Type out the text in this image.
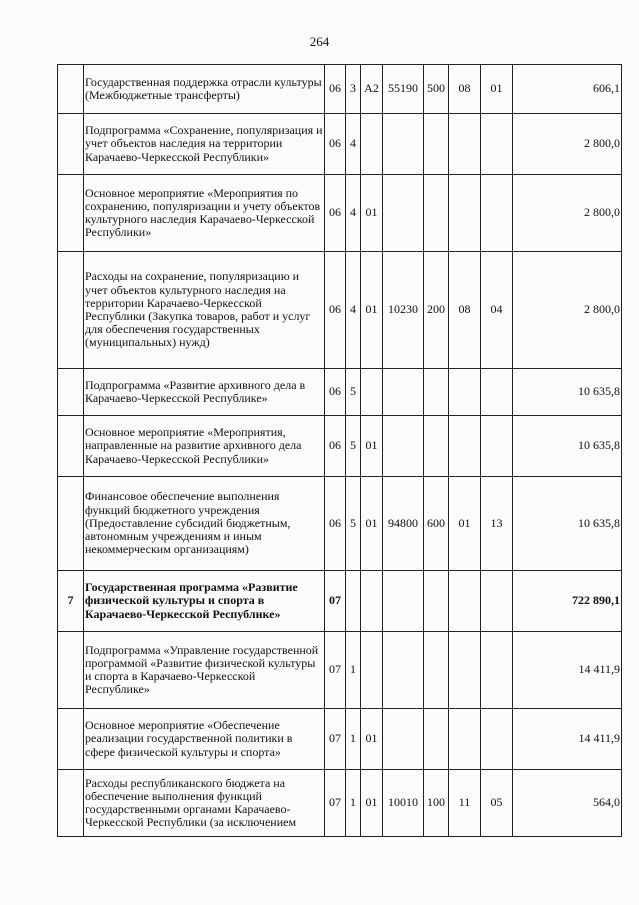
264
	Государственная поддержка отрасли культуры (Межбюджетные трансферты)	06	3	А2	55190	500	08	01	606,1
	Подпрограмма «Сохранение, популяризация и учет объектов наследия на территории Карачаево-Черкесской Республики»	06	4						2 800,0
	Основное мероприятие «Мероприятия по сохранению, популяризации и учету объектов культурного наследия Карачаево-Черкесской Республики»	06	4	01					2 800,0
	Расходы на сохранение, популяризацию и учет объектов культурного наследия на территории Карачаево-Черкесской Республики (Закупка товаров, работ и услуг для обеспечения государственных (муниципальных) нужд)	06	4	01	10230	200	08	04	2 800,0
	Подпрограмма «Развитие архивного дела в Карачаево-Черкесской Республике»	06	5						10 635,8
	Основное мероприятие «Мероприятия, направленные на развитие архивного дела Карачаево-Черкесской Республики»	06	5	01					10 635,8
	Финансовое обеспечение выполнения функций бюджетного учреждения (Предоставление субсидий бюджетным, автономным учреждениям и иным некоммерческим организациям)	06	5	01	94800	600	01	13	10 635,8
7	Государственная программа «Развитие физической культуры и спорта в Карачаево-Черкесской Республике»	07							722 890,1
	Подпрограмма «Управление государственной программой «Развитие физической культуры и спорта в Карачаево-Черкесской Республике»	07	1						14 411,9
	Основное мероприятие «Обеспечение реализации государственной политики в сфере физической культуры и спорта»	07	1	01					14 411,9
	Расходы республиканского бюджета на обеспечение выполнения функций государственными органами Карачаево-Черкесской Республики (за исключением	07	1	01	10010	100	11	05	564,0
